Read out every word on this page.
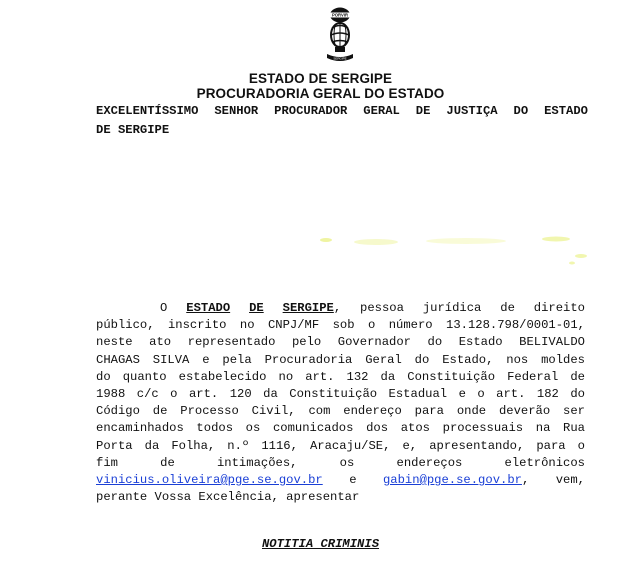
PORVIR
SERGIPE
ESTADO DE SERGIPE
PROCURADORIA GERAL DO ESTADO
EXCELENTÍSSIMO SENHOR PROCURADOR GERAL DE JUSTIÇA DO ESTADO
DE SERGIPE
O ESTADO DE SERGIPE, pessoa jurídica de direito
público, inscrito no CNPJ/MF sob o número 13.128.798/0001-01,
neste ato representado pelo Governador do Estado BELIVALDO
CHAGAS SILVA e pela Procuradoria Geral do Estado, nos moldes
do quanto estabelecido no art. 132 da Constituição Federal de
1988 c/c o art. 120 da Constituição Estadual e o art. 182 do
Código de Processo Civil, com endereço para onde deverão ser
encaminhados todos os comunicados dos atos processuais na Rua
Porta da Folha, n.º 1116, Aracaju/SE, e, apresentando, para o
fim de intimações, os endereços eletrônicos
vinicius.oliveira@pge.se.gov.br e gabin@pge.se.gov.br, vem,
perante Vossa Excelência, apresentar
NOTITIA CRIMINIS
